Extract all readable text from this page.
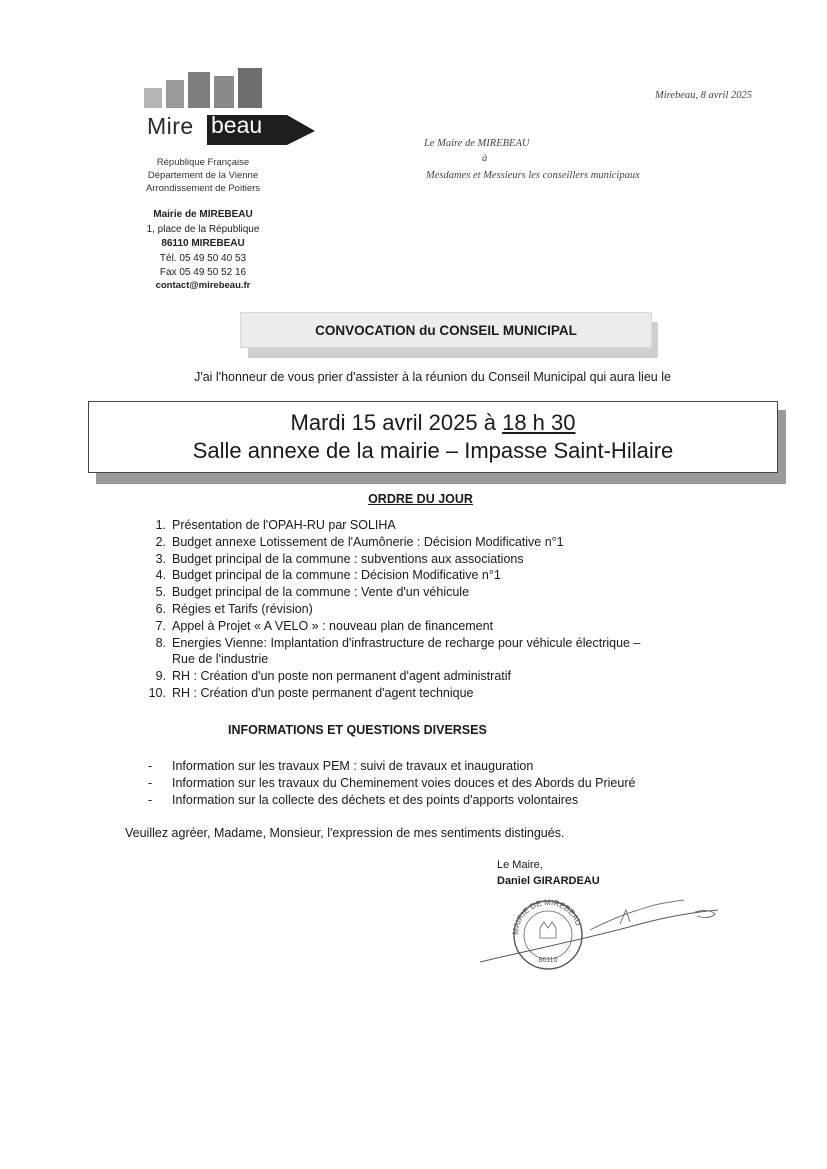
Mire beau
République Française
Département de la Vienne
Arrondissement de Poitiers
Mairie de MIREBEAU
1, place de la République
86110 MIREBEAU
Tél. 05 49 50 40 53
Fax 05 49 50 52 16
contact@mirebeau.fr
Mirebeau, 8 avril 2025
Le Maire de MIREBEAU
à
Mesdames et Messieurs les conseillers municipaux
CONVOCATION du CONSEIL MUNICIPAL
J'ai l'honneur de vous prier d'assister à la réunion du Conseil Municipal qui aura lieu le
Mardi 15 avril 2025 à 18 h 30
Salle annexe de la mairie – Impasse Saint-Hilaire
ORDRE DU JOUR
1. Présentation de l'OPAH-RU par SOLIHA
2. Budget annexe Lotissement de l'Aumônerie : Décision Modificative n°1
3. Budget principal de la commune : subventions aux associations
4. Budget principal de la commune : Décision Modificative n°1
5. Budget principal de la commune : Vente d'un véhicule
6. Régies et Tarifs (révision)
7. Appel à Projet « A VELO » : nouveau plan de financement
8. Energies Vienne: Implantation d'infrastructure de recharge pour véhicule électrique –
Rue de l'industrie
9. RH : Création d'un poste non permanent d'agent administratif
10. RH : Création d'un poste permanent d'agent technique
INFORMATIONS ET QUESTIONS DIVERSES
-	Information sur les travaux PEM : suivi de travaux et inauguration
-	Information sur les travaux du Cheminement voies douces et des Abords du Prieuré
-	Information sur la collecte des déchets et des points d'apports volontaires
Veuillez agréer, Madame, Monsieur, l'expression de mes sentiments distingués.
Le Maire,
Daniel GIRARDEAU
MAIRIE DE MIREBEAU
86110
